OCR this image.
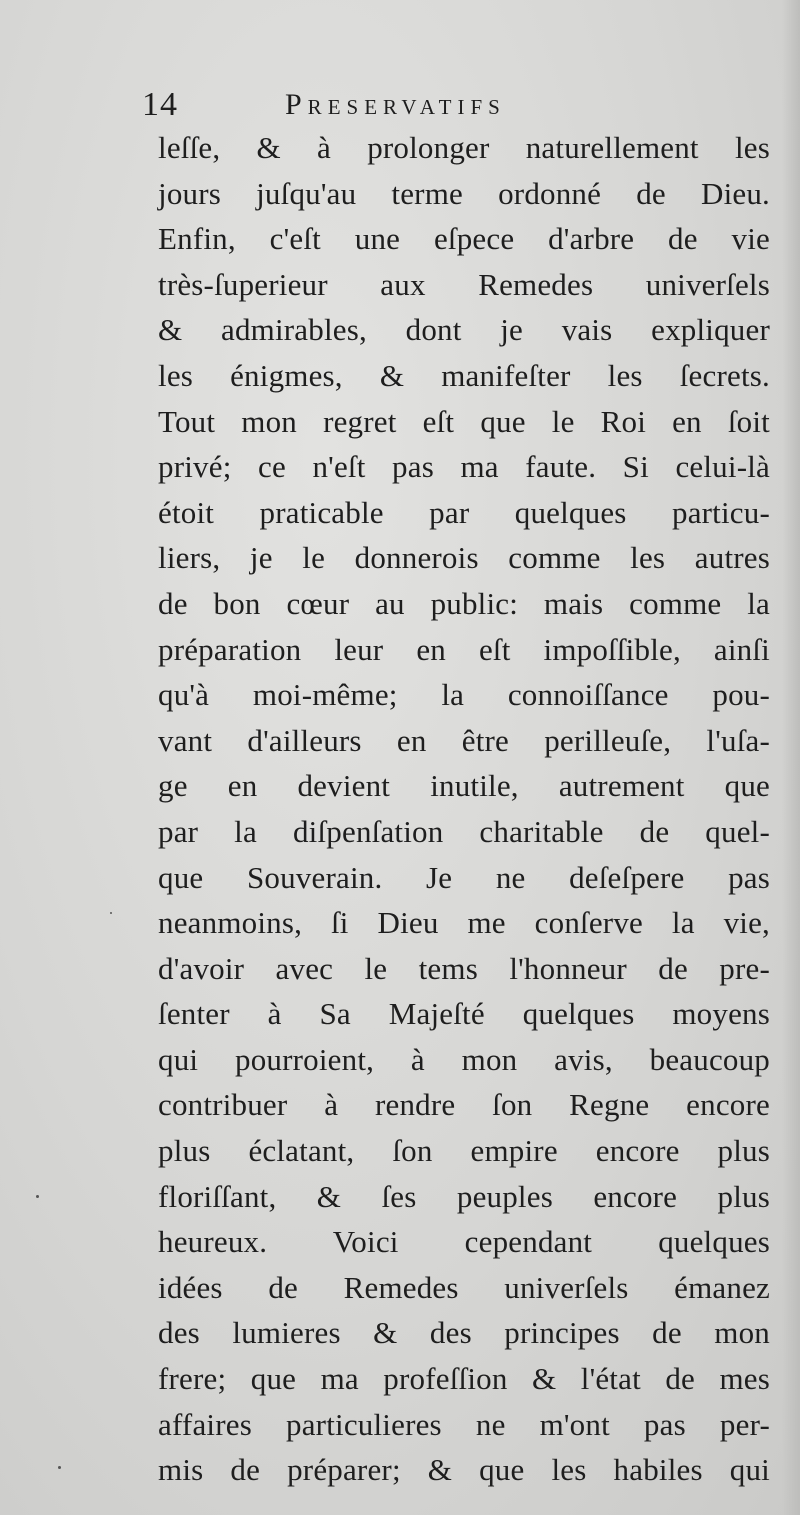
14	Preservatifs
leſſe, & à prolonger naturellement les
jours juſqu'au terme ordonné de Dieu.
Enfin, c'eſt une eſpece d'arbre de vie
très-ſuperieur aux Remedes univerſels
& admirables, dont je vais expliquer
les énigmes, & manifeſter les ſecrets.
Tout mon regret eſt que le Roi en ſoit
privé; ce n'eſt pas ma faute. Si celui-là
étoit praticable par quelques particu-
liers, je le donnerois comme les autres
de bon cœur au public: mais comme la
préparation leur en eſt impoſſible, ainſi
qu'à moi-même; la connoiſſance pou-
vant d'ailleurs en être perilleuſe, l'uſa-
ge en devient inutile, autrement que
par la diſpenſation charitable de quel-
que Souverain. Je ne deſeſpere pas
neanmoins, ſi Dieu me conſerve la vie,
d'avoir avec le tems l'honneur de pre-
ſenter à Sa Majeſté quelques moyens
qui pourroient, à mon avis, beaucoup
contribuer à rendre ſon Regne encore
plus éclatant, ſon empire encore plus
floriſſant, & ſes peuples encore plus
heureux. Voici cependant quelques
idées de Remedes univerſels émanez
des lumieres & des principes de mon
frere; que ma profeſſion & l'état de mes
affaires particulieres ne m'ont pas per-
mis de préparer; & que les habiles qui
